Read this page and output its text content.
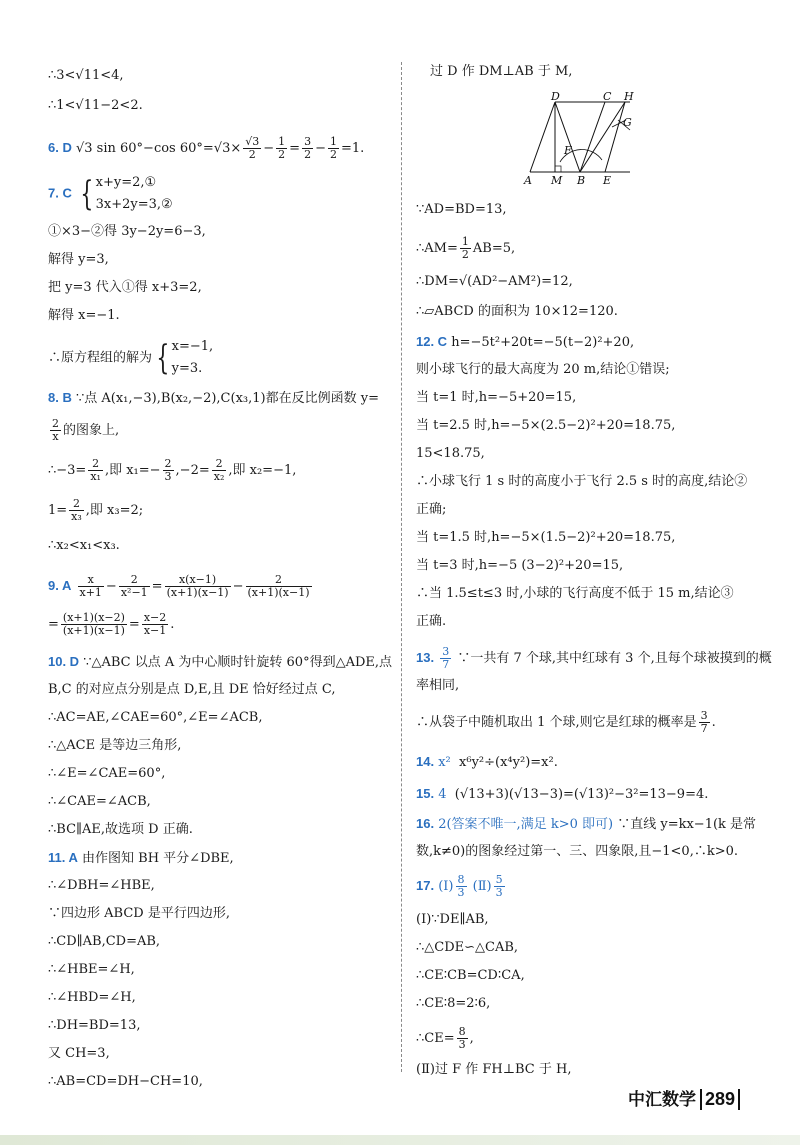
∴3<√11<4,
∴1<√11−2<2.
6. D √3 sin 60°−cos $60^\circ=√3\times \frac{√3}{2} - \frac{1}{2} = \frac{3}{2} - \frac{1}{2} =1$.
7. C { x+y=2,①
3x+2y=3,②
①×3−②得 3y−2y=6−3,
解得 y=3,
把 y=3 代入①得 x+3=2,
解得 x=−1.
∴原方程组的解为 { x=−1,
y=3.
8. B ∵点 A(x₁,−3),B(x₂,−2),C(x₃,1)都在反比例函数 y=
$\frac{2}{x}$ 的图象上,
∴−3= $\frac{2}{\text{x₁}}$ ,即 $x_1=- \frac{2}{3} ,-2= \frac{2}{\text{x₂}}$ ,即 x₂=−1,
$1= \frac{2}{\text{x₃}}$ ,即 x₃=2;
∴x₂<x₁<x₃.
9. A $\frac{x}{x+1} - \frac{2}{\text{x²−1}} = \frac{x(x-1)}{(x+1)(x-1)} - \frac{2}{(x+1)(x-1)}$
= $\frac{(x+1)(x-2)}{(x+1)(x-1)} = \frac{x-2}{x-1}$ .
10. D ∵△ABC 以点 A 为中心顺时针旋转 60°得到△ADE,点
B,C 的对应点分别是点 D,E,且 DE 恰好经过点 C,
∴AC=AE,∠CAE=60°,∠E=∠ACB,
∴△ACE 是等边三角形,
∴∠E=∠CAE=60°,
∴∠CAE=∠ACB,
∴BC∥AE,故选项 D 正确.
11. A 由作图知 BH 平分∠DBE,
∴∠DBH=∠HBE,
∵四边形 ABCD 是平行四边形,
∴CD∥AB,CD=AB,
∴∠HBE=∠H,
∴∠HBD=∠H,
∴DH=BD=13,
又 CH=3,
∴AB=CD=DH−CH=10,
D	C H
G
F
A M B E
过 D 作 DM⊥AB 于 M,
∵AD=BD=13,
∴AM= $\frac{1}{2} AB=5$,
∴DM=√(AD²−AM²)=12,
∴▱ABCD 的面积为 10×12=120.
12. C h=−5t²+20t=−5(t−2)²+20,
则小球飞行的最大高度为 20 m,结论①错误;
当 t=1 时,h=−5+20=15,
当 t=2.5 时,h=−5×(2.5−2)²+20=18.75,
15<18.75,
∴小球飞行 1 s 时的高度小于飞行 2.5 s 时的高度,结论②
正确;
当 t=1.5 时,h=−5×(1.5−2)²+20=18.75,
当 t=3 时,h=−5 (3−2)²+20=15,
∴当 1.5≤t≤3 时,小球的飞行高度不低于 15 m,结论③
正确.
13. $\frac{3}{7}$ ∵一共有 7 个球,其中红球有 3 个,且每个球被摸到的概
率相同,
∴从袋子中随机取出 1 个球,则它是红球的概率是 $\frac{3}{7}$ .
14. x² x⁶y²÷(x⁴y²)=x².
15. 4 (√13+3)(√13−3)=(√13)²−3²=13−9=4.
16. 2(答案不唯一,满足 k>0 即可) ∵直线 y=kx−1(k 是常
数,k≠0)的图象经过第一、三、四象限,且−1<0,∴k>0.
17. (Ⅰ) $\frac{8}{3}$ (Ⅱ) $\frac{5}{3}$
(Ⅰ)∵DE∥AB,
∴△CDE∽△CAB,
∴CE∶CB=CD∶CA,
∴CE∶8=2∶6,
∴CE= $\frac{8}{3}$ ,
(Ⅱ)过 F 作 FH⊥BC 于 H,
中汇数学 289
